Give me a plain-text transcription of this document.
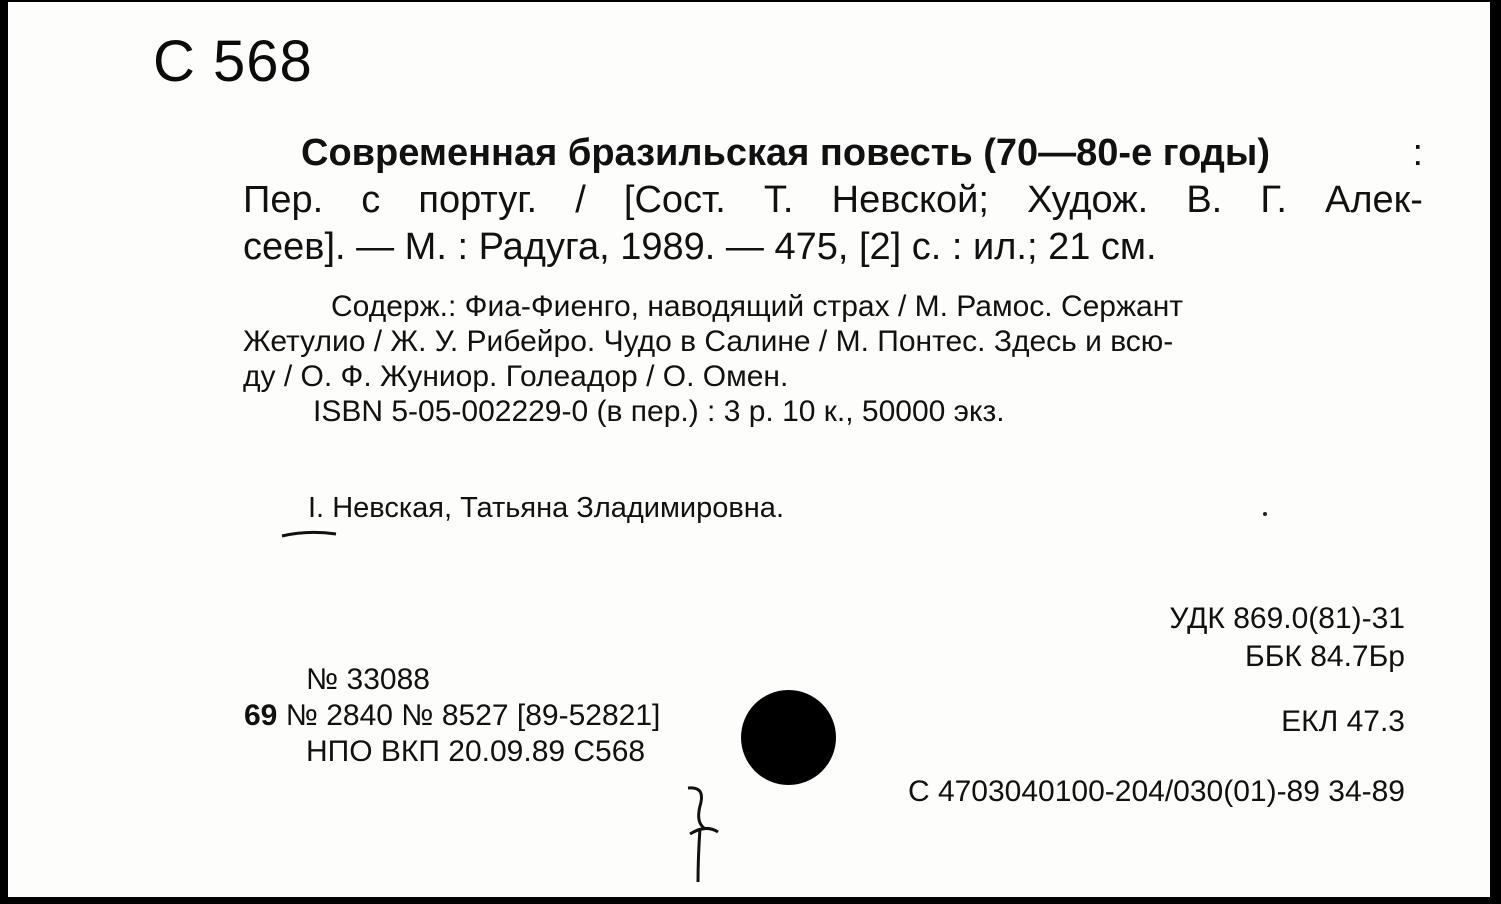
С 568
Современная бразильская повесть (70—80-е годы)	:
Пер. с португ. / [Сост. Т. Невской; Худож. В. Г. Алек-
сеев]. — М. : Радуга, 1989. — 475, [2] с. : ил.; 21 см.
Содерж.: Фиа-Фиенго, наводящий страх / М. Рамос. Сержант
Жетулио / Ж. У. Рибейро. Чудо в Салине / М. Понтес. Здесь и всю-
ду / О. Ф. Жуниор. Голеадор / О. Омен.
ISBN 5-05-002229-0 (в пер.) : 3 р. 10 к., 50000 экз.
I. Невская, Татьяна Зладимировна.
УДК 869.0(81)-31
ББК 84.7Бр
ЕКЛ 47.3
№ 33088
69 № 2840 № 8527 [89-52821]
НПО ВКП 20.09.89 С568
С 4703040100-204/030(01)-89 34-89
